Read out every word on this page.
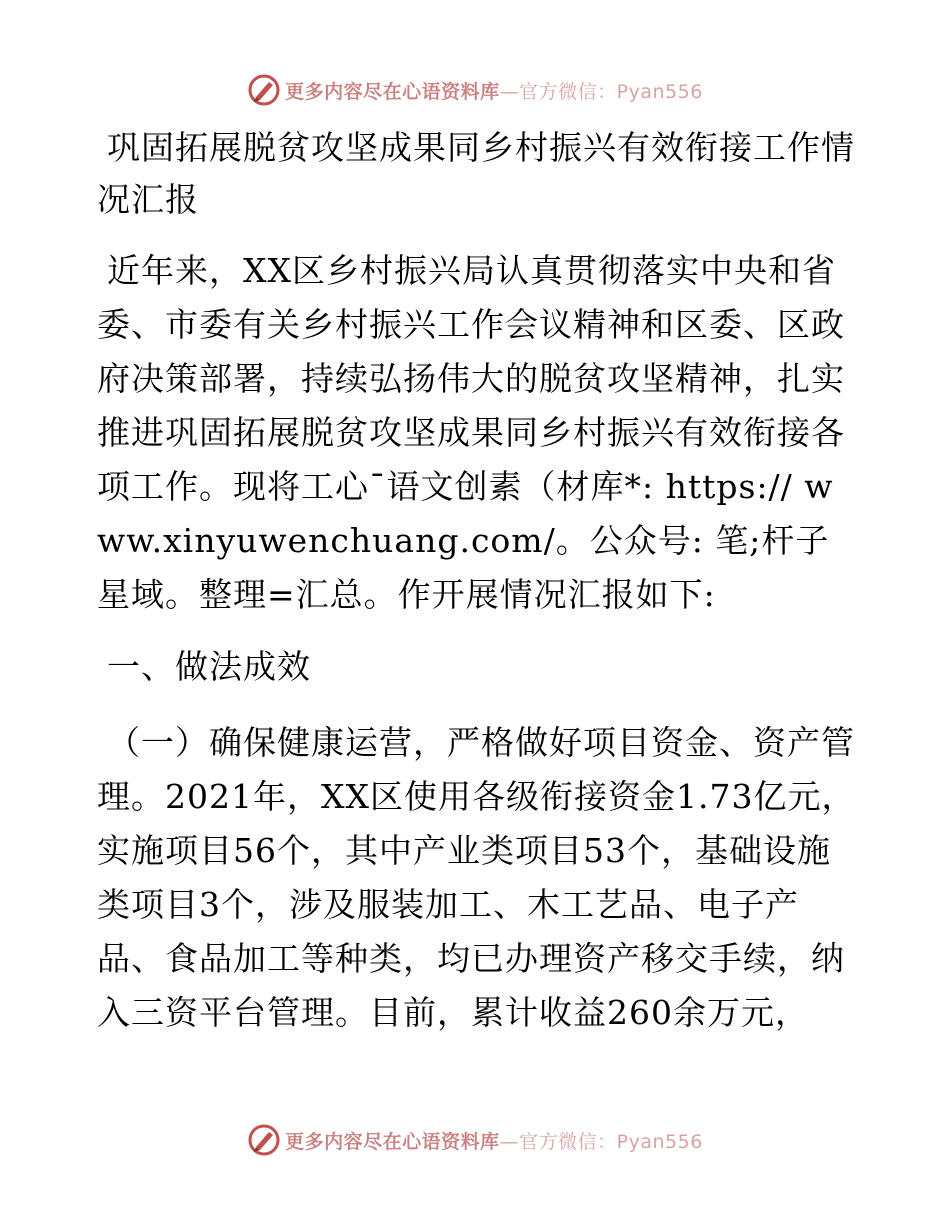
更多内容尽在心语资料库—官方微信：Pyan556

巩固拓展脱贫攻坚成果同乡村振兴有效衔接工作情况汇报

近年来，XX区乡村振兴局认真贯彻落实中央和省委、市委有关乡村振兴工作会议精神和区委、区政府决策部署，持续弘扬伟大的脱贫攻坚精神，扎实推进巩固拓展脱贫攻坚成果同乡村振兴有效衔接各项工作。现将工心¯语文创素（材库*: https:// www.xinyuwenchuang.com/。公众号: 笔;杆子星域。整理=汇总。作开展情况汇报如下:

一、做法成效

（一）确保健康运营，严格做好项目资金、资产管理。2021年，XX区使用各级衔接资金1.73亿元，实施项目56个，其中产业类项目53个，基础设施类项目3个，涉及服装加工、木工艺品、电子产品、食品加工等种类，均已办理资产移交手续，纳入三资平台管理。目前，累计收益260余万元，

更多内容尽在心语资料库—官方微信：Pyan556
